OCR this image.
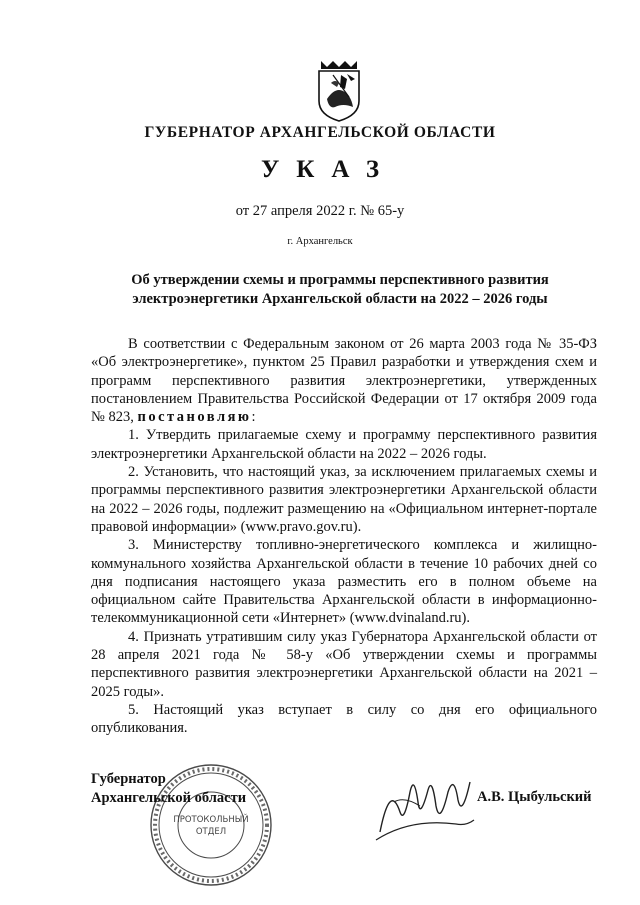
ГУБЕРНАТОР АРХАНГЕЛЬСКОЙ ОБЛАСТИ
УКАЗ
от 27 апреля 2022 г. № 65-у
г. Архангельск
Об утверждении схемы и программы перспективного развития
электроэнергетики Архангельской области на 2022 – 2026 годы

В соответствии с Федеральным законом от 26 марта 2003 года № 35-ФЗ «Об электроэнергетике», пунктом 25 Правил разработки и утверждения схем и программ перспективного развития электроэнергетики, утвержденных постановлением Правительства Российской Федерации от 17 октября 2009 года № 823, постановляю:

1. Утвердить прилагаемые схему и программу перспективного развития электроэнергетики Архангельской области на 2022 – 2026 годы.

2. Установить, что настоящий указ, за исключением прилагаемых схемы и программы перспективного развития электроэнергетики Архангельской области на 2022 – 2026 годы, подлежит размещению на «Официальном интернет-портале правовой информации» (www.pravo.gov.ru).

3. Министерству топливно-энергетического комплекса и жилищно-коммунального хозяйства Архангельской области в течение 10 рабочих дней со дня подписания настоящего указа разместить его в полном объеме на официальном сайте Правительства Архангельской области в информационно-телекоммуникационной сети «Интернет» (www.dvinaland.ru).

4. Признать утратившим силу указ Губернатора Архангельской области от 28 апреля 2021 года № 58-у «Об утверждении схемы и программы перспективного развития электроэнергетики Архангельской области на 2021 – 2025 годы».

5. Настоящий указ вступает в силу со дня его официального опубликования.

ПРОТОКОЛЬНЫЙ
ОТДЕЛ
Губернатор
Архангельской области	А.В. Цыбульский
